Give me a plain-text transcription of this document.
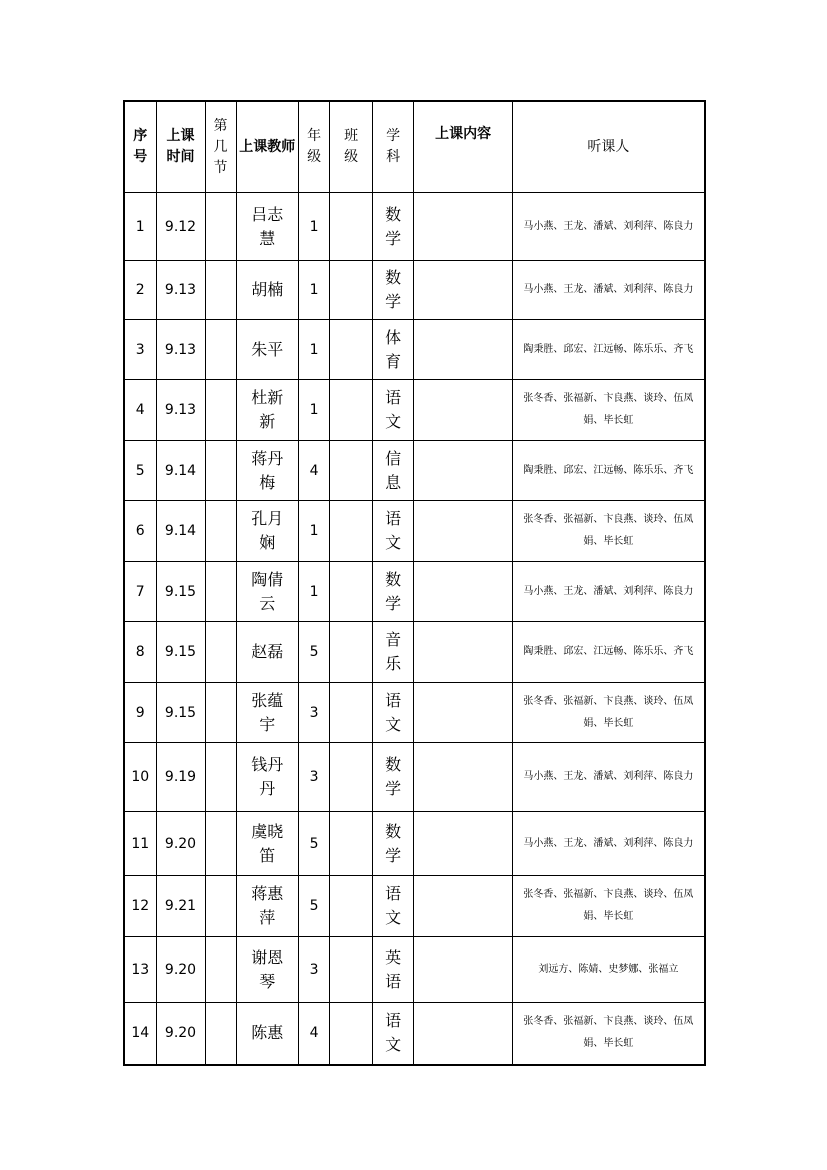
序号	上课时间	第几节	上课教师	年级	班级	学科	上课内容	听课人
1	9.12		吕志慧	1		数学		马小燕、王龙、潘斌、刘利萍、陈良力
2	9.13		胡楠	1		数学		马小燕、王龙、潘斌、刘利萍、陈良力
3	9.13		朱平	1		体育		陶秉胜、邱宏、江远畅、陈乐乐、齐飞
4	9.13		杜新新	1		语文		张冬香、张福新、卞良燕、谈玲、伍凤娟、毕长虹
5	9.14		蒋丹梅	4		信息		陶秉胜、邱宏、江远畅、陈乐乐、齐飞
6	9.14		孔月娴	1		语文		张冬香、张福新、卞良燕、谈玲、伍凤娟、毕长虹
7	9.15		陶倩云	1		数学		马小燕、王龙、潘斌、刘利萍、陈良力
8	9.15		赵磊	5		音乐		陶秉胜、邱宏、江远畅、陈乐乐、齐飞
9	9.15		张蕴宇	3		语文		张冬香、张福新、卞良燕、谈玲、伍凤娟、毕长虹
10	9.19		钱丹丹	3		数学		马小燕、王龙、潘斌、刘利萍、陈良力
11	9.20		虞晓笛	5		数学		马小燕、王龙、潘斌、刘利萍、陈良力
12	9.21		蒋惠萍	5		语文		张冬香、张福新、卞良燕、谈玲、伍凤娟、毕长虹
13	9.20		谢恩琴	3		英语		刘远方、陈婧、史梦娜、张福立
14	9.20		陈惠	4		语文		张冬香、张福新、卞良燕、谈玲、伍凤娟、毕长虹
